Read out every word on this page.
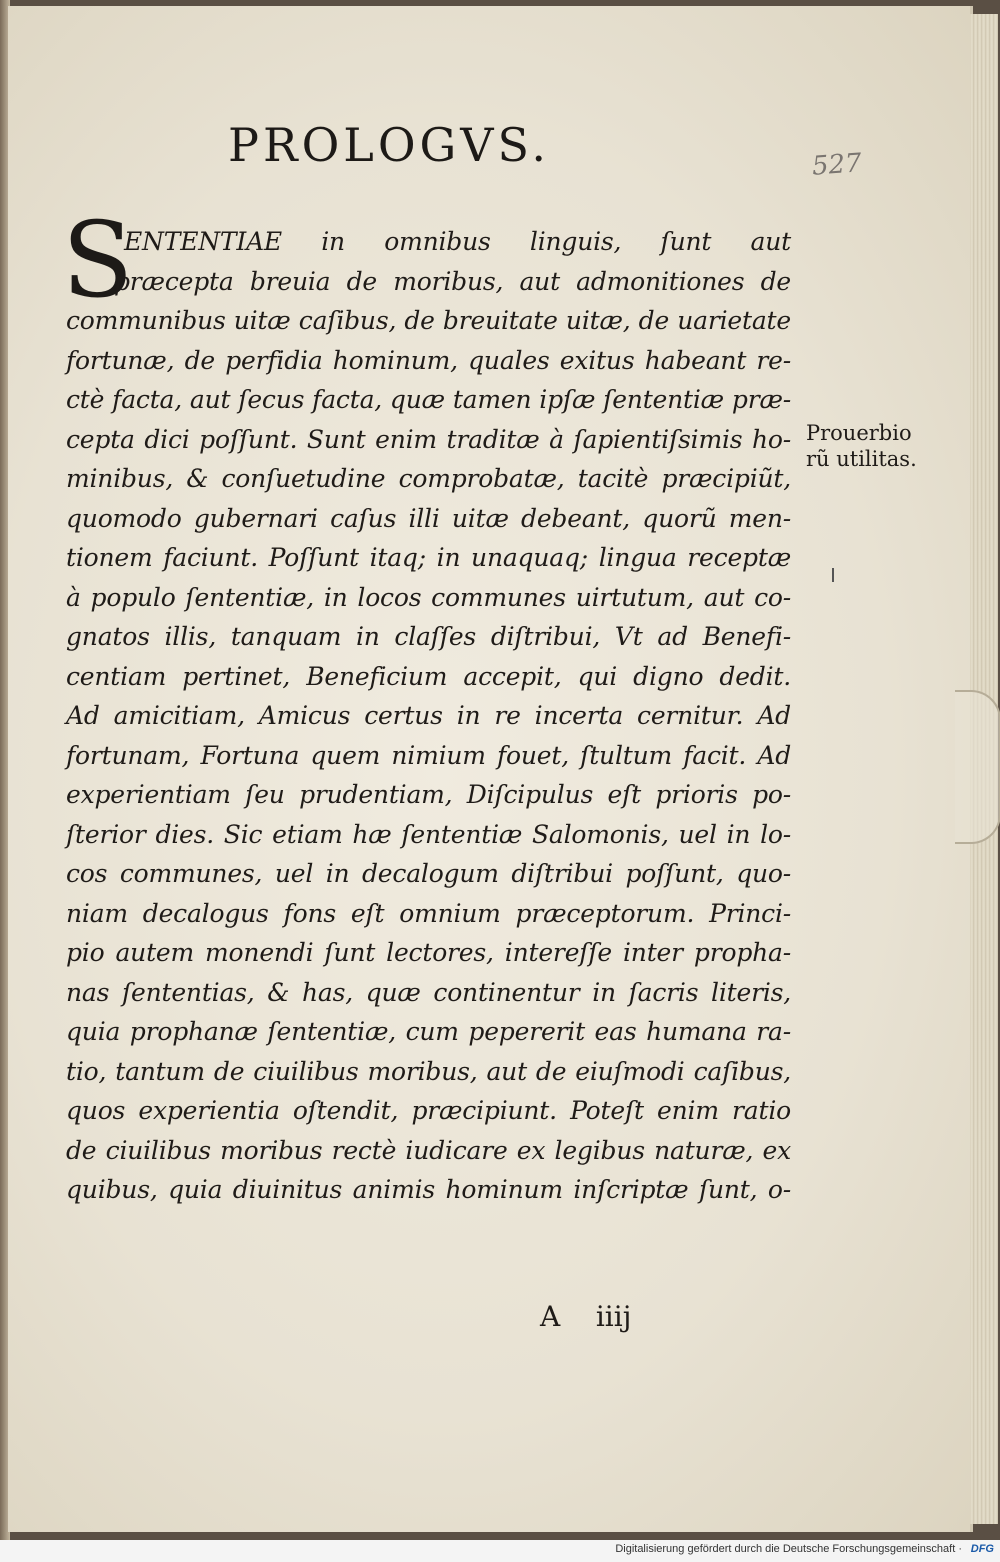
PROLOGVS.	527
S
ENTENTIAE in omnibus linguis, ſunt aut
præcepta breuia de moribus, aut admonitiones de
communibus uitæ caſibus, de breuitate uitæ, de uarietate
fortunæ, de perfidia hominum, quales exitus habeant re-
ctè facta, aut ſecus facta, quæ tamen ipſæ ſententiæ præ-
cepta dici poſſunt. Sunt enim traditæ à ſapientiſsimis ho-
minibus, & conſuetudine comprobatæ, tacitè præcipiũt,
quomodo gubernari caſus illi uitæ debeant, quorũ men-
tionem faciunt. Poſſunt itaq; in unaquaq; lingua receptæ
à populo ſententiæ, in locos communes uirtutum, aut co-
gnatos illis, tanquam in claſſes diſtribui, Vt ad Benefi-
centiam pertinet, Beneficium accepit, qui digno dedit.
Ad amicitiam, Amicus certus in re incerta cernitur. Ad
fortunam, Fortuna quem nimium fouet, ſtultum facit. Ad
experientiam ſeu prudentiam, Diſcipulus eſt prioris po-
ſterior dies. Sic etiam hæ ſententiæ Salomonis, uel in lo-
cos communes, uel in decalogum diſtribui poſſunt, quo-
niam decalogus fons eſt omnium præceptorum. Princi-
pio autem monendi ſunt lectores, intereſſe inter propha-
nas ſententias, & has, quæ continentur in ſacris literis,
quia prophanæ ſententiæ, cum pepererit eas humana ra-
tio, tantum de ciuilibus moribus, aut de eiuſmodi caſibus,
quos experientia oſtendit, præcipiunt. Poteſt enim ratio
de ciuilibus moribus rectè iudicare ex legibus naturæ, ex
quibus, quia diuinitus animis hominum inſcriptæ ſunt, o-
Prouerbio
rũ utilitas.
A    iiij
Digitalisierung gefördert durch die Deutsche Forschungsgemeinschaft · DFG
